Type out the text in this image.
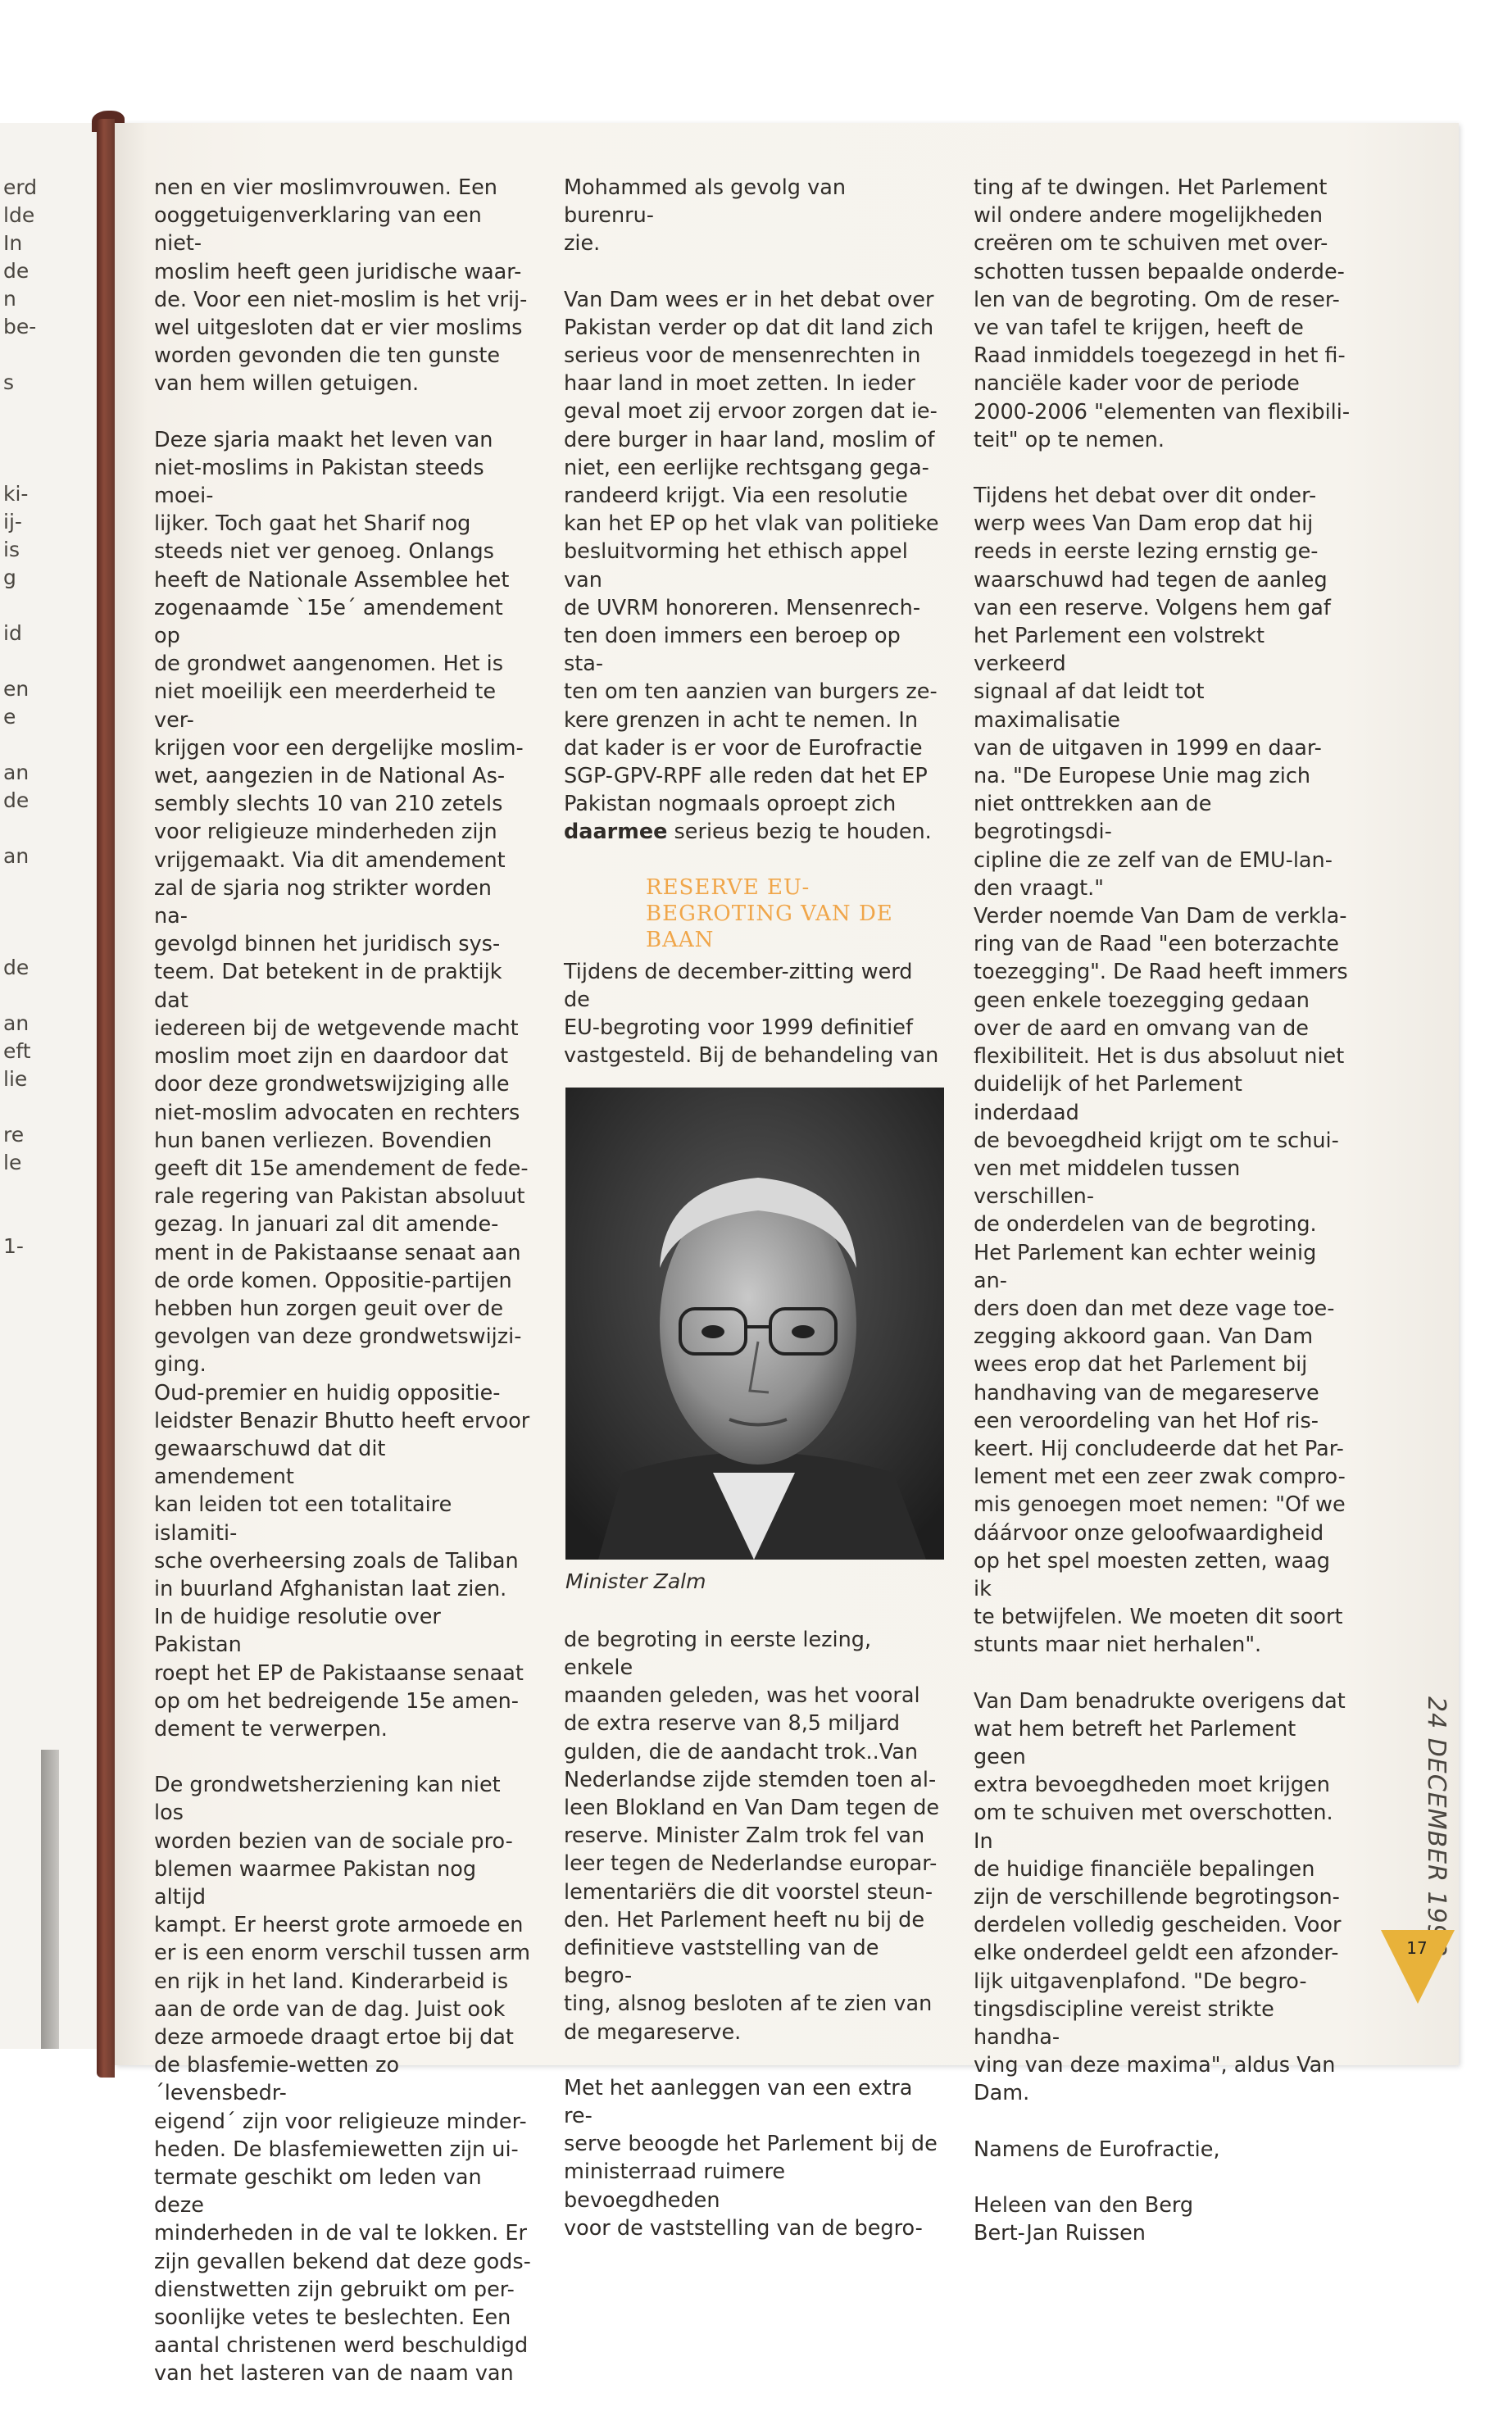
erd
lde
In
de
n
be-
s
ki-
ij-
is
g
id
en
e
an
de
an
de
an
eft
lie
re
le
1-

nen en vier moslimvrouwen. Een
ooggetuigenverklaring van een niet-
moslim heeft geen juridische waar-
de. Voor een niet-moslim is het vrij-
wel uitgesloten dat er vier moslims
worden gevonden die ten gunste
van hem willen getuigen.

Deze sjaria maakt het leven van
niet-moslims in Pakistan steeds moei-
lijker. Toch gaat het Sharif nog
steeds niet ver genoeg. Onlangs
heeft de Nationale Assemblee het
zogenaamde `15e´ amendement op
de grondwet aangenomen. Het is
niet moeilijk een meerderheid te ver-
krijgen voor een dergelijke moslim-
wet, aangezien in de National As-
sembly slechts 10 van 210 zetels
voor religieuze minderheden zijn
vrijgemaakt. Via dit amendement
zal de sjaria nog strikter worden na-
gevolgd binnen het juridisch sys-
teem. Dat betekent in de praktijk dat
iedereen bij de wetgevende macht
moslim moet zijn en daardoor dat
door deze grondwetswijziging alle
niet-moslim advocaten en rechters
hun banen verliezen. Bovendien
geeft dit 15e amendement de fede-
rale regering van Pakistan absoluut
gezag. In januari zal dit amende-
ment in de Pakistaanse senaat aan
de orde komen. Oppositie-partijen
hebben hun zorgen geuit over de
gevolgen van deze grondwetswijzi-
ging.

Oud-premier en huidig oppositie-
leidster Benazir Bhutto heeft ervoor
gewaarschuwd dat dit amendement
kan leiden tot een totalitaire islamiti-
sche overheersing zoals de Taliban
in buurland Afghanistan laat zien.
In de huidige resolutie over Pakistan
roept het EP de Pakistaanse senaat
op om het bedreigende 15e amen-
dement te verwerpen.

De grondwetsherziening kan niet los
worden bezien van de sociale pro-
blemen waarmee Pakistan nog altijd
kampt. Er heerst grote armoede en
er is een enorm verschil tussen arm
en rijk in het land. Kinderarbeid is
aan de orde van de dag. Juist ook
deze armoede draagt ertoe bij dat
de blasfemie-wetten zo ´levensbedr-
eigend´ zijn voor religieuze minder-
heden. De blasfemiewetten zijn ui-
termate geschikt om leden van deze
minderheden in de val te lokken. Er
zijn gevallen bekend dat deze gods-
dienstwetten zijn gebruikt om per-
soonlijke vetes te beslechten. Een
aantal christenen werd beschuldigd
van het lasteren van de naam van

Mohammed als gevolg van burenru-
zie.

Van Dam wees er in het debat over
Pakistan verder op dat dit land zich
serieus voor de mensenrechten in
haar land in moet zetten. In ieder
geval moet zij ervoor zorgen dat ie-
dere burger in haar land, moslim of
niet, een eerlijke rechtsgang gega-
randeerd krijgt. Via een resolutie
kan het EP op het vlak van politieke
besluitvorming het ethisch appel van
de UVRM honoreren. Mensenrech-
ten doen immers een beroep op sta-
ten om ten aanzien van burgers ze-
kere grenzen in acht te nemen. In
dat kader is er voor de Eurofractie
SGP-GPV-RPF alle reden dat het EP
Pakistan nogmaals oproept zich
daarmee serieus bezig te houden.

RESERVE EU-
BEGROTING VAN DE
BAAN

Tijdens de december-zitting werd de
EU-begroting voor 1999 definitief
vastgesteld. Bij de behandeling van

Minister Zalm

de begroting in eerste lezing, enkele
maanden geleden, was het vooral
de extra reserve van 8,5 miljard
gulden, die de aandacht trok..Van
Nederlandse zijde stemden toen al-
leen Blokland en Van Dam tegen de
reserve. Minister Zalm trok fel van
leer tegen de Nederlandse europar-
lementariërs die dit voorstel steun-
den. Het Parlement heeft nu bij de
definitieve vaststelling van de begro-
ting, alsnog besloten af te zien van
de megareserve.

Met het aanleggen van een extra re-
serve beoogde het Parlement bij de
ministerraad ruimere bevoegdheden
voor de vaststelling van de begro-

ting af te dwingen. Het Parlement
wil ondere andere mogelijkheden
creëren om te schuiven met over-
schotten tussen bepaalde onderde-
len van de begroting. Om de reser-
ve van tafel te krijgen, heeft de
Raad inmiddels toegezegd in het fi-
nanciële kader voor de periode
2000-2006 "elementen van flexibili-
teit" op te nemen.

Tijdens het debat over dit onder-
werp wees Van Dam erop dat hij
reeds in eerste lezing ernstig ge-
waarschuwd had tegen de aanleg
van een reserve. Volgens hem gaf
het Parlement een volstrekt verkeerd
signaal af dat leidt tot maximalisatie
van de uitgaven in 1999 en daar-
na. "De Europese Unie mag zich
niet onttrekken aan de begrotingsdi-
cipline die ze zelf van de EMU-lan-
den vraagt."

Verder noemde Van Dam de verkla-
ring van de Raad "een boterzachte
toezegging". De Raad heeft immers
geen enkele toezegging gedaan
over de aard en omvang van de
flexibiliteit. Het is dus absoluut niet
duidelijk of het Parlement inderdaad
de bevoegdheid krijgt om te schui-
ven met middelen tussen verschillen-
de onderdelen van de begroting.
Het Parlement kan echter weinig an-
ders doen dan met deze vage toe-
zegging akkoord gaan. Van Dam
wees erop dat het Parlement bij
handhaving van de megareserve
een veroordeling van het Hof ris-
keert. Hij concludeerde dat het Par-
lement met een zeer zwak compro-
mis genoegen moet nemen: "Of we
dáárvoor onze geloofwaardigheid
op het spel moesten zetten, waag ik
te betwijfelen. We moeten dit soort
stunts maar niet herhalen".

Van Dam benadrukte overigens dat
wat hem betreft het Parlement geen
extra bevoegdheden moet krijgen
om te schuiven met overschotten. In
de huidige financiële bepalingen
zijn de verschillende begrotingson-
derdelen volledig gescheiden. Voor
elke onderdeel geldt een afzonder-
lijk uitgavenplafond. "De begro-
tingsdiscipline vereist strikte handha-
ving van deze maxima", aldus Van
Dam.

Namens de Eurofractie,

Heleen van den Berg
Bert-Jan Ruissen

24 DECEMBER 1998
17
